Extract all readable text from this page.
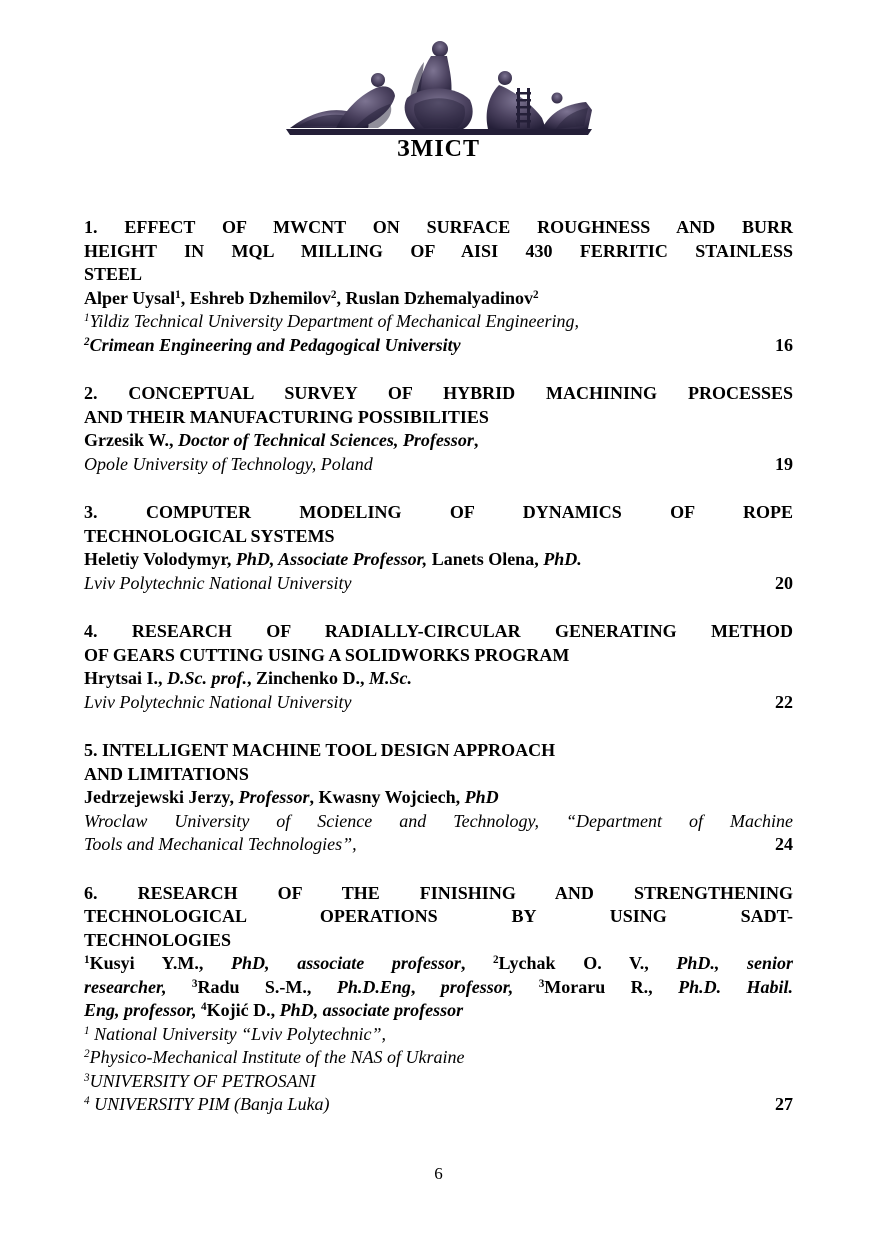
ЗМІСТ
1. EFFECT OF MWCNT ON SURFACE ROUGHNESS AND BURR
HEIGHT IN MQL MILLING OF AISI 430 FERRITIC STAINLESS
STEEL
Alper Uysal$^1$, Eshreb Dzhemilov$^2$, Ruslan Dzhemalyadinov$^2$
$^1$Yildiz Technical University Department of Mechanical Engineering,
$^2$Crimean Engineering and Pedagogical University	16
2. CONCEPTUAL SURVEY OF HYBRID MACHINING PROCESSES
AND THEIR MANUFACTURING POSSIBILITIES
Grzesik W., Doctor of Technical Sciences, Professor,
Opole University of Technology, Poland	19
3. COMPUTER MODELING OF DYNAMICS OF ROPE
TECHNOLOGICAL SYSTEMS
Heletiy Volodymyr, PhD, Associate Professor, Lanets Olena, PhD.
Lviv Polytechnic National University	20
4. RESEARCH OF RADIALLY-CIRCULAR GENERATING METHOD
OF GEARS CUTTING USING A SOLIDWORKS PROGRAM
Hrytsai I., D.Sc. prof., Zinchenko D., M.Sc.
Lviv Polytechnic National University	22
5. INTELLIGENT MACHINE TOOL DESIGN APPROACH
AND LIMITATIONS
Jedrzejewski Jerzy, Professor, Kwasny Wojciech, PhD
Wroclaw University of Science and Technology, “Department of Machine
Tools and Mechanical Technologies”,	24
6. RESEARCH OF THE FINISHING AND STRENGTHENING
TECHNOLOGICAL OPERATIONS BY USING SADT-
TECHNOLOGIES
$^1$Kusyi Y.M., PhD, associate professor, $^2$Lychak O. V., PhD., senior
researcher, $^3$Radu S.-M., Ph.D.Eng, professor, $^3$Moraru R., Ph.D. Habil.
Eng, professor, $^4$Kojić D., PhD, associate professor
$^1$ National University “Lviv Polytechnic”,
$^2$Physico-Mechanical Institute of the NAS of Ukraine
$^3$UNIVERSITY OF PETROSANI
$^4$ UNIVERSITY PIM (Banja Luka)	27
6
